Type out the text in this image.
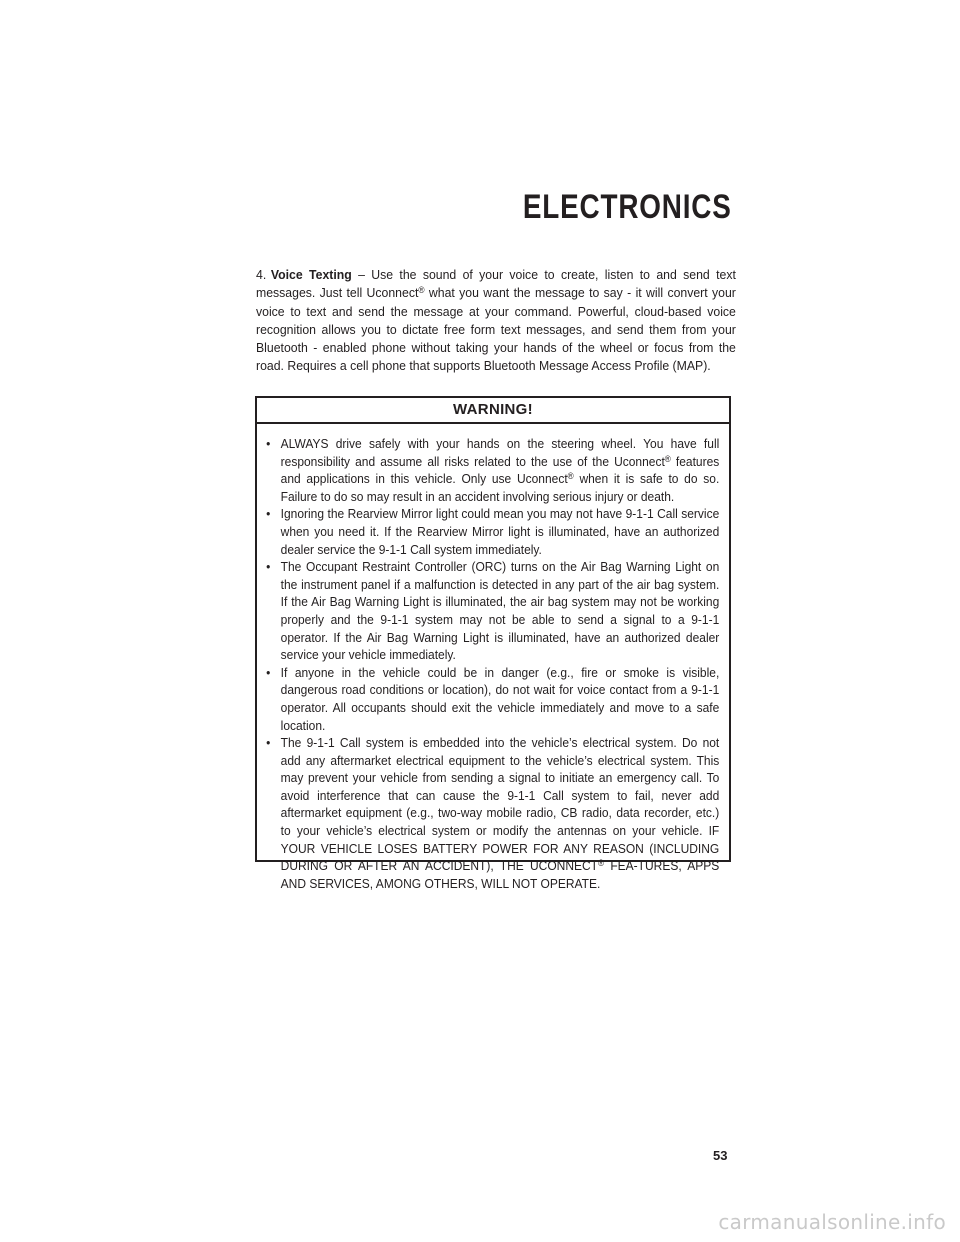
ELECTRONICS
4. Voice Texting – Use the sound of your voice to create, listen to and send text messages. Just tell Uconnect® what you want the message to say - it will convert your voice to text and send the message at your command. Powerful, cloud-based voice recognition allows you to dictate free form text messages, and send them from your Bluetooth - enabled phone without taking your hands of the wheel or focus from the road. Requires a cell phone that supports Bluetooth Message Access Profile (MAP).
WARNING!
• ALWAYS drive safely with your hands on the steering wheel. You have full responsibility and assume all risks related to the use of the Uconnect® features and applications in this vehicle. Only use Uconnect® when it is safe to do so. Failure to do so may result in an accident involving serious injury or death.
• Ignoring the Rearview Mirror light could mean you may not have 9-1-1 Call service when you need it. If the Rearview Mirror light is illuminated, have an authorized dealer service the 9-1-1 Call system immediately.
• The Occupant Restraint Controller (ORC) turns on the Air Bag Warning Light on the instrument panel if a malfunction is detected in any part of the air bag system. If the Air Bag Warning Light is illuminated, the air bag system may not be working properly and the 9-1-1 system may not be able to send a signal to a 9-1-1 operator. If the Air Bag Warning Light is illuminated, have an authorized dealer service your vehicle immediately.
• If anyone in the vehicle could be in danger (e.g., fire or smoke is visible, dangerous road conditions or location), do not wait for voice contact from a 9-1-1 operator. All occupants should exit the vehicle immediately and move to a safe location.
• The 9-1-1 Call system is embedded into the vehicle’s electrical system. Do not add any aftermarket electrical equipment to the vehicle’s electrical system. This may prevent your vehicle from sending a signal to initiate an emergency call. To avoid interference that can cause the 9-1-1 Call system to fail, never add aftermarket equipment (e.g., two-way mobile radio, CB radio, data recorder, etc.) to your vehicle’s electrical system or modify the antennas on your vehicle. IF YOUR VEHICLE LOSES BATTERY POWER FOR ANY REASON (INCLUDING DURING OR AFTER AN ACCIDENT), THE UCONNECT® FEA-TURES, APPS AND SERVICES, AMONG OTHERS, WILL NOT OPERATE.
53
carmanualsonline.info
